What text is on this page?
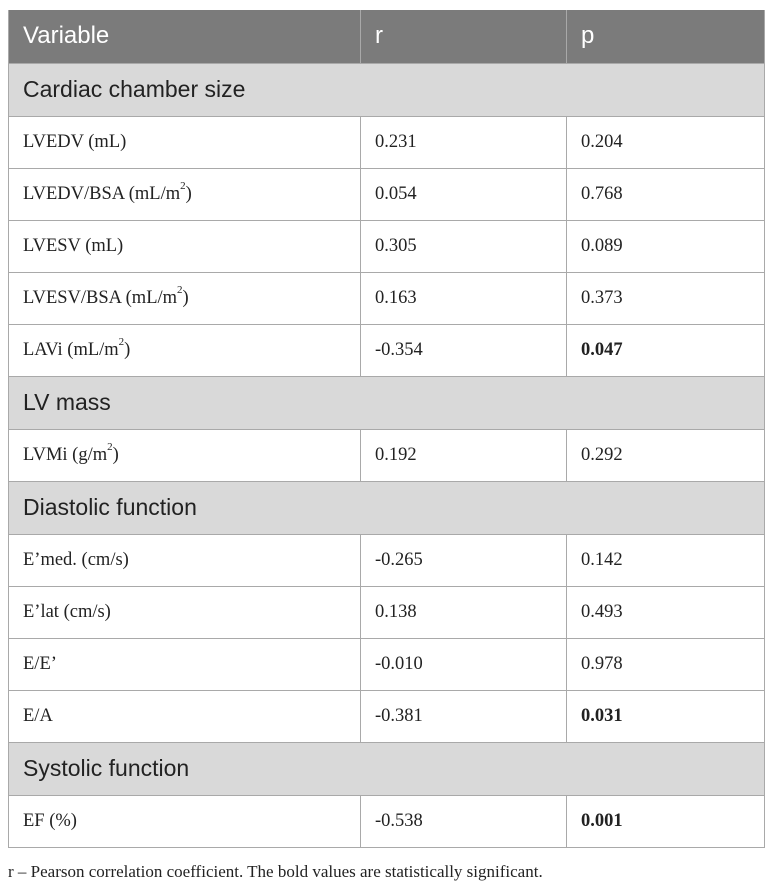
Variable	r	p
Cardiac chamber size		
LVEDV (mL)	0.231	0.204
LVEDV/BSA $(mL/m^2)$	0.054	0.768
LVESV (mL)	0.305	0.089
LVESV/BSA $(mL/m^2)$	0.163	0.373
LAVi $(mL/m^2)$	-0.354	0.047
LV mass		
LVMi $(g/m^2)$	0.192	0.292
Diastolic function		
E’med. (cm/s)	-0.265	0.142
E’lat (cm/s)	0.138	0.493
E/E’	-0.010	0.978
E/A	-0.381	0.031
Systolic function		
EF (%)	-0.538	0.001
r – Pearson correlation coefficient. The bold values are statistically significant.
